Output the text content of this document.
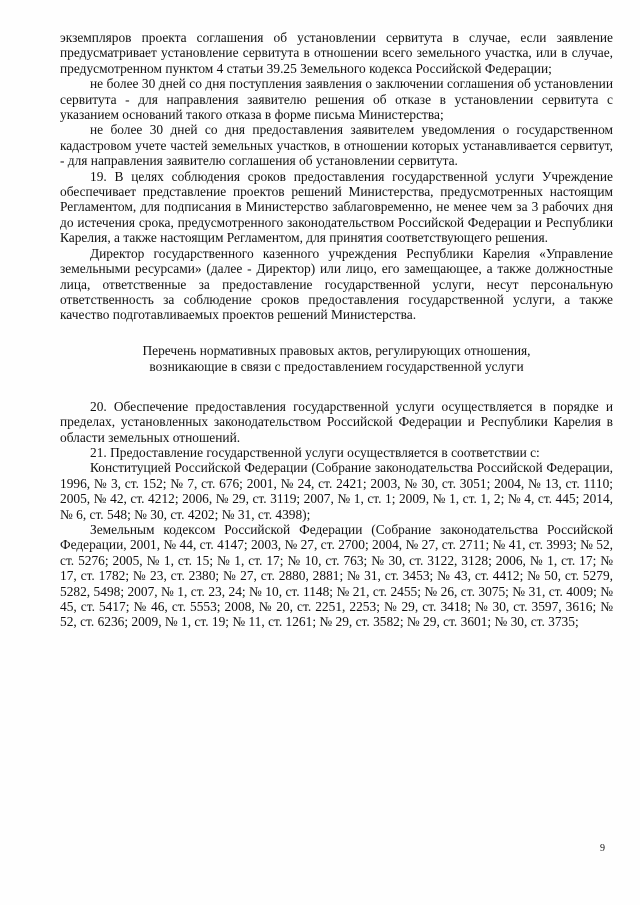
экземпляров проекта соглашения об установлении сервитута в случае, если заявление предусматривает установление сервитута в отношении всего земельного участка, или в случае, предусмотренном пунктом 4 статьи 39.25 Земельного кодекса Российской Федерации;

не более 30 дней со дня поступления заявления о заключении соглашения об установлении сервитута - для направления заявителю решения об отказе в установлении сервитута с указанием оснований такого отказа в форме письма Министерства;

не более 30 дней со дня предоставления заявителем уведомления о государственном кадастровом учете частей земельных участков, в отношении которых устанавливается сервитут, - для направления заявителю соглашения об установлении сервитута.

19. В целях соблюдения сроков предоставления государственной услуги Учреждение обеспечивает представление проектов решений Министерства, предусмотренных настоящим Регламентом, для подписания в Министерство заблаговременно, не менее чем за 3 рабочих дня до истечения срока, предусмотренного законодательством Российской Федерации и Республики Карелия, а также настоящим Регламентом, для принятия соответствующего решения.

Директор государственного казенного учреждения Республики Карелия «Управление земельными ресурсами» (далее - Директор) или лицо, его замещающее, а также должностные лица, ответственные за предоставление государственной услуги, несут персональную ответственность за соблюдение сроков предоставления государственной услуги, а также качество подготавливаемых проектов решений Министерства.

Перечень нормативных правовых актов, регулирующих отношения,
возникающие в связи с предоставлением государственной услуги

20. Обеспечение предоставления государственной услуги осуществляется в порядке и пределах, установленных законодательством Российской Федерации и Республики Карелия в области земельных отношений.

21. Предоставление государственной услуги осуществляется в соответствии с:

Конституцией Российской Федерации (Собрание законодательства Российской Федерации, 1996, № 3, ст. 152; № 7, ст. 676; 2001, № 24, ст. 2421; 2003, № 30, ст. 3051; 2004, № 13, ст. 1110; 2005, № 42, ст. 4212; 2006, № 29, ст. 3119; 2007, № 1, ст. 1; 2009, № 1, ст. 1, 2; № 4, ст. 445; 2014, № 6, ст. 548; № 30, ст. 4202; № 31, ст. 4398);

Земельным кодексом Российской Федерации (Собрание законодательства Российской Федерации, 2001, № 44, ст. 4147; 2003, № 27, ст. 2700; 2004, № 27, ст. 2711; № 41, ст. 3993; № 52, ст. 5276; 2005, № 1, ст. 15; № 1, ст. 17; № 10, ст. 763; № 30, ст. 3122, 3128; 2006, № 1, ст. 17; № 17, ст. 1782; № 23, ст. 2380; № 27, ст. 2880, 2881; № 31, ст. 3453; № 43, ст. 4412; № 50, ст. 5279, 5282, 5498; 2007, № 1, ст. 23, 24; № 10, ст. 1148; № 21, ст. 2455; № 26, ст. 3075; № 31, ст. 4009; № 45, ст. 5417; № 46, ст. 5553; 2008, № 20, ст. 2251, 2253; № 29, ст. 3418; № 30, ст. 3597, 3616; № 52, ст. 6236; 2009, № 1, ст. 19; № 11, ст. 1261; № 29, ст. 3582; № 29, ст. 3601; № 30, ст. 3735;

9
